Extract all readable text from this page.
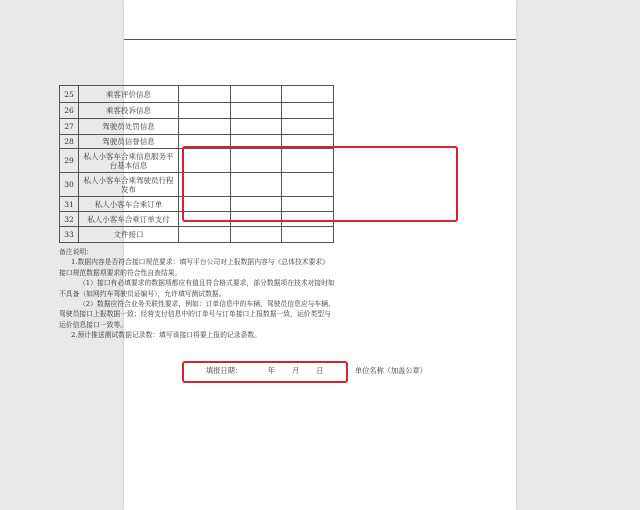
25	乘客评价信息			
26	乘客投诉信息			
27	驾驶员处罚信息			
28	驾驶员信誉信息			
29	私人小客车合乘信息服务平台基本信息			
30	私人小客车合乘驾驶员行程发布			
31	私人小客车合乘订单			
32	私人小客车合乘订单支付			
33	文件接口			

备注说明：

1.数据内容是否符合接口规范要求：填写平台公司对上报数据内容与《总体技术要求》接口规范数据项要求的符合性自查结果。

（1）接口有必填要求的数据项都应有值且符合格式要求，部分数据项在技术对接时如不具备（如网约车驾驶员证编号），允许填写测试数据。

（2）数据应符合业务关联性要求，例如：订单信息中的车辆、驾驶员信息应与车辆、驾驶员接口上报数据一致；经营支付信息中的订单号与订单接口上报数据一致，运价类型与运价信息接口一致等。

2.预计推送测试数据记录数：填写该接口将要上报的记录条数。

填报日期：      年    月    日	单位名称（加盖公章）
